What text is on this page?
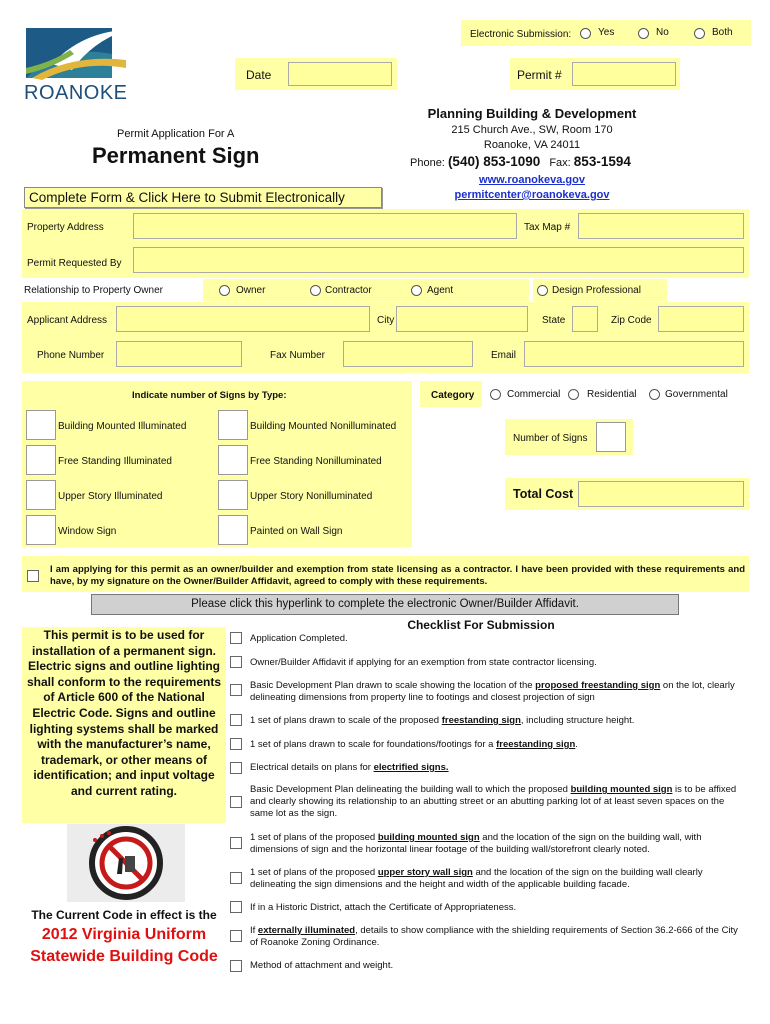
Electronic Submission:	Yes	No	Both
ROANOKE
Date	Permit #
Permit Application For A
Permanent Sign
Complete Form & Click Here to Submit Electronically
Planning Building & Development
215 Church Ave., SW, Room 170
Roanoke, VA 24011
Phone: (540) 853-1090 Fax: 853-1594
www.roanokeva.gov
permitcenter@roanokeva.gov
Property Address	Tax Map #
Permit Requested By
Relationship to Property Owner	Owner	Contractor	Agent	Design Professional
Applicant Address	City	State	Zip Code
Phone Number	Fax Number	Email
Indicate number of Signs by Type:
Building Mounted Illuminated	Building Mounted Nonilluminated
Free Standing Illuminated	Free Standing Nonilluminated
Upper Story Illuminated	Upper Story Nonilluminated
Window Sign	Painted on Wall Sign
Category	Commercial	Residential	Governmental
Number of Signs
Total Cost
I am applying for this permit as an owner/builder and exemption from state licensing as a contractor. I have been provided with these requirements and have, by my signature on the Owner/Builder Affidavit, agreed to comply with these requirements.
Please click this hyperlink to complete the electronic Owner/Builder Affidavit.
This permit is to be used for installation of a permanent sign. Electric signs and outline lighting shall conform to the requirements of Article 600 of the National Electric Code. Signs and outline lighting systems shall be marked with the manufacturer’s name, trademark, or other means of identification; and input voltage and current rating.
The Current Code in effect is the
2012 Virginia Uniform Statewide Building Code
Checklist For Submission
Application Completed.
Owner/Builder Affidavit if applying for an exemption from state contractor licensing.
Basic Development Plan drawn to scale showing the location of the proposed freestanding sign on the lot, clearly delineating dimensions from property line to footings and closest projection of sign
1 set of plans drawn to scale of the proposed freestanding sign, including structure height.
1 set of plans drawn to scale for foundations/footings for a freestanding sign.
Electrical details on plans for electrified signs.
Basic Development Plan delineating the building wall to which the proposed building mounted sign is to be affixed and clearly showing its relationship to an abutting street or an abutting parking lot of at least seven spaces on the same lot as the sign.
1 set of plans of the proposed building mounted sign and the location of the sign on the building wall, with dimensions of sign and the horizontal linear footage of the building wall/storefront clearly noted.
1 set of plans of the proposed upper story wall sign and the location of the sign on the building wall clearly delineating the sign dimensions and the height and width of the applicable building facade.
If in a Historic District, attach the Certificate of Appropriateness.
If externally illuminated, details to show compliance with the shielding requirements of Section 36.2-666 of the City of Roanoke Zoning Ordinance.
Method of attachment and weight.
